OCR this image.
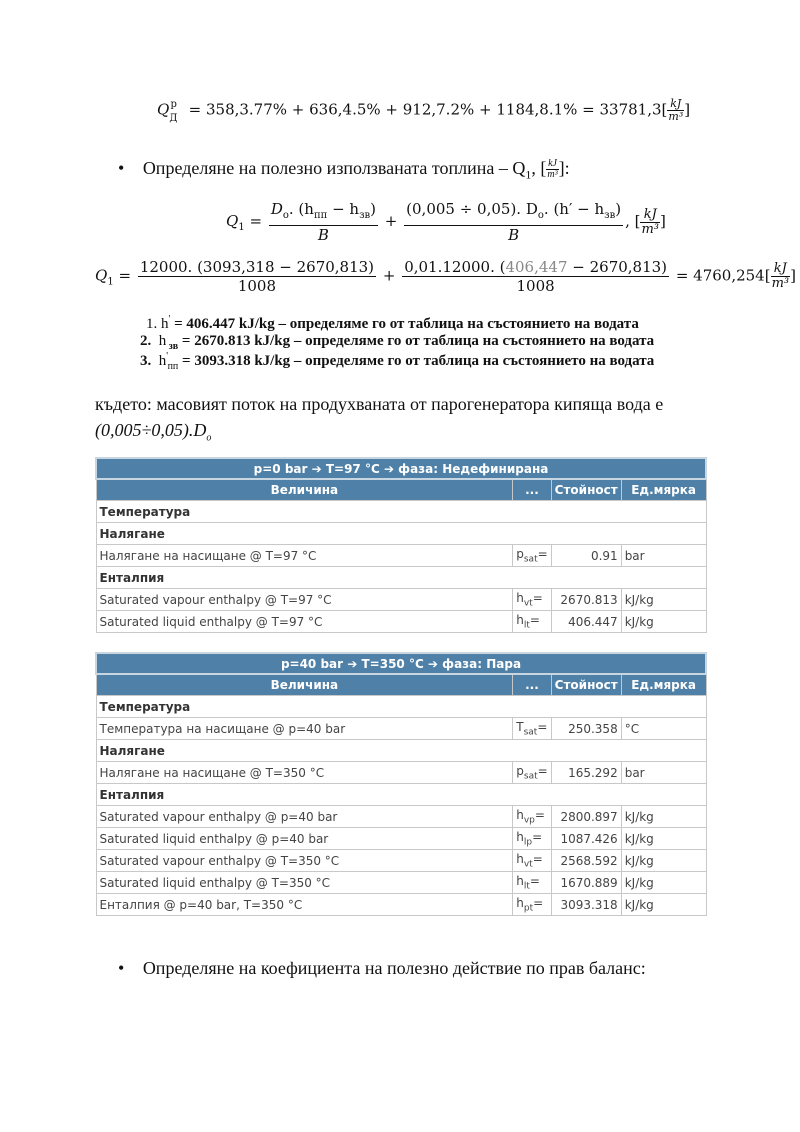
$Q_Д^р = 358,3.77\% + 636,4.5\% + 912,7.2\% + 1184,8.1\% = 33781,3[ \frac{kJ}{\text{m³}}$ ]
• Определяне на полезно използваната топлина – $Q_1$, [ $\frac{kJ}{\text{m³}}$ ]:
$Q_1 = \frac{D_o. (h_{пп} - h_{зв})}{B} + \frac{(0,005 \div 0,05). D_o. (h' - h_{зв})}{B}$ , [ $\frac{kJ}{\text{m³}}$ ]
$Q_1 = \frac{12000. (3093,318 - 2670,813)}{1008} + \frac{0,01.12000. (406,447 - 2670,813)}{1008} = 4760,254[ \frac{kJ}{\text{m³}}$ ]
1. h' = 406.447 kJ/kg – определяме го от таблица на състоянието на водата
2. h $_{зв}$ = 2670.813 kJ/kg – определяме го от таблица на състоянието на водата
3. h' $_{пп}$ = 3093.318 kJ/kg – определяме го от таблица на състоянието на водата
където: масовият поток на продухваната от парогенератора кипяща вода е
$(0,005\div 0,05).D_o$
p=0 bar ➔ T=97 °C ➔ фаза: Недефинирана			
Величина	...	Стойност	Ед.мярка
Температура			
Налягане			
Налягане на насищане @ T=97 °C	$p_{sat}=$	0.91	bar
Енталпия			
Saturated vapour enthalpy @ T=97 °C	$h_{vt}=$	2670.813	kJ/kg
Saturated liquid enthalpy @ T=97 °C	$h_{lt}=$	406.447	kJ/kg
p=40 bar ➔ T=350 °C ➔ фаза: Пара			
Величина	...	Стойност	Ед.мярка
Температура			
Температура на насищане @ p=40 bar	$T_{sat}=$	250.358	°C
Налягане			
Налягане на насищане @ T=350 °C	$p_{sat}=$	165.292	bar
Енталпия			
Saturated vapour enthalpy @ p=40 bar	$h_{vp}=$	2800.897	kJ/kg
Saturated liquid enthalpy @ p=40 bar	$h_{lp}=$	1087.426	kJ/kg
Saturated vapour enthalpy @ T=350 °C	$h_{vt}=$	2568.592	kJ/kg
Saturated liquid enthalpy @ T=350 °C	$h_{lt}=$	1670.889	kJ/kg
Енталпия @ p=40 bar, T=350 °C	$h_{pt}=$	3093.318	kJ/kg
• Определяне на коефициента на полезно действие по прав баланс:
